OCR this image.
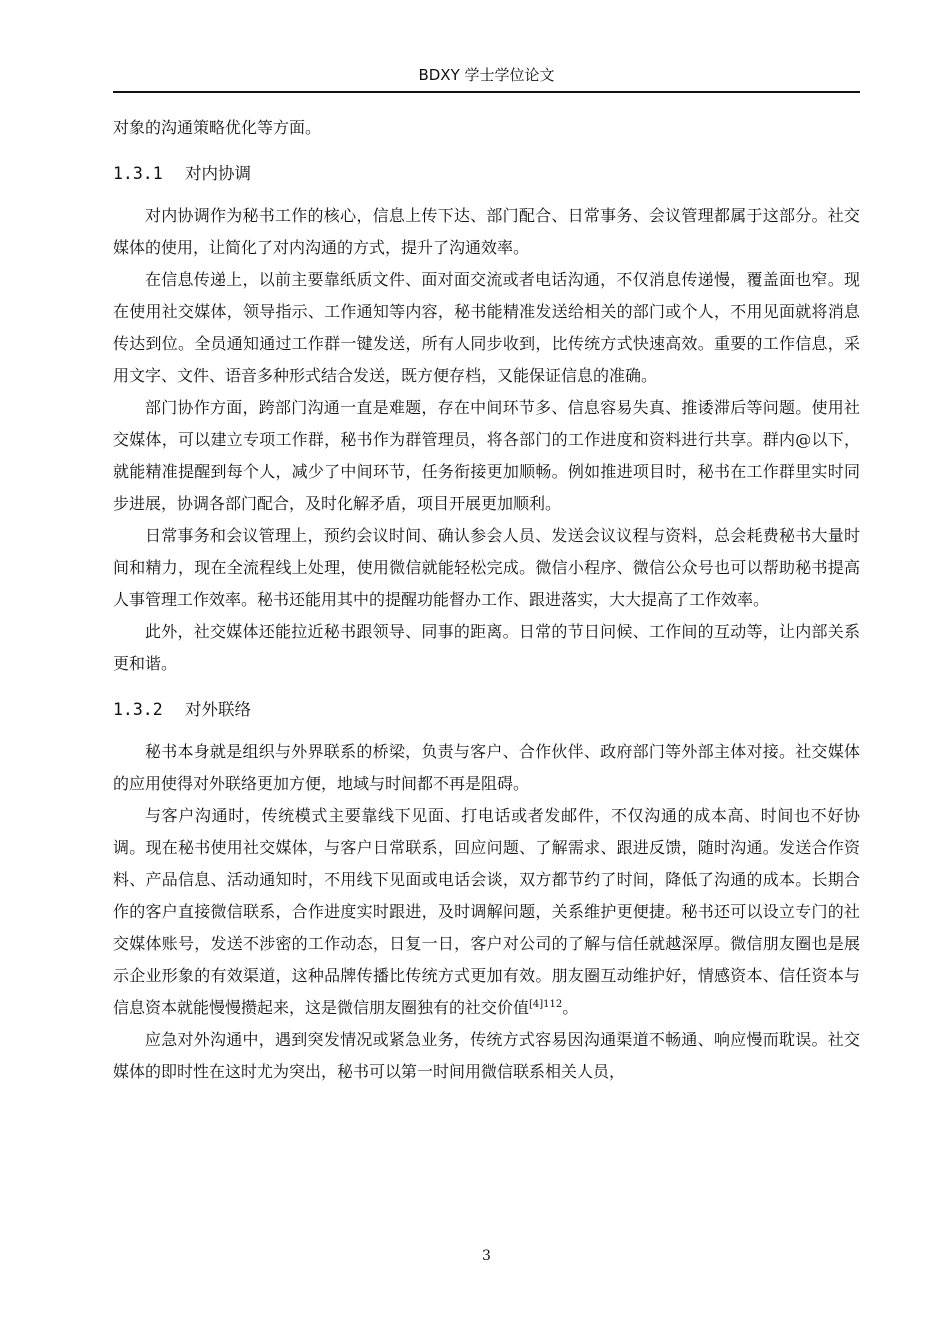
BDXY 学士学位论文

对象的沟通策略优化等方面。

1.3.1 对内协调

对内协调作为秘书工作的核心，信息上传下达、部门配合、日常事务、会议管理都属于这部分。社交媒体的使用，让简化了对内沟通的方式，提升了沟通效率。

在信息传递上，以前主要靠纸质文件、面对面交流或者电话沟通，不仅消息传递慢，覆盖面也窄。现在使用社交媒体，领导指示、工作通知等内容，秘书能精准发送给相关的部门或个人，不用见面就将消息传达到位。全员通知通过工作群一键发送，所有人同步收到，比传统方式快速高效。重要的工作信息，采用文字、文件、语音多种形式结合发送，既方便存档，又能保证信息的准确。

部门协作方面，跨部门沟通一直是难题，存在中间环节多、信息容易失真、推诿滞后等问题。使用社交媒体，可以建立专项工作群，秘书作为群管理员，将各部门的工作进度和资料进行共享。群内@以下，就能精准提醒到每个人，减少了中间环节，任务衔接更加顺畅。例如推进项目时，秘书在工作群里实时同步进展，协调各部门配合，及时化解矛盾，项目开展更加顺利。

日常事务和会议管理上，预约会议时间、确认参会人员、发送会议议程与资料，总会耗费秘书大量时间和精力，现在全流程线上处理，使用微信就能轻松完成。微信小程序、微信公众号也可以帮助秘书提高人事管理工作效率。秘书还能用其中的提醒功能督办工作、跟进落实，大大提高了工作效率。

此外，社交媒体还能拉近秘书跟领导、同事的距离。日常的节日问候、工作间的互动等，让内部关系更和谐。

1.3.2 对外联络

秘书本身就是组织与外界联系的桥梁，负责与客户、合作伙伴、政府部门等外部主体对接。社交媒体的应用使得对外联络更加方便，地域与时间都不再是阻碍。

与客户沟通时，传统模式主要靠线下见面、打电话或者发邮件，不仅沟通的成本高、时间也不好协调。现在秘书使用社交媒体，与客户日常联系，回应问题、了解需求、跟进反馈，随时沟通。发送合作资料、产品信息、活动通知时，不用线下见面或电话会谈，双方都节约了时间，降低了沟通的成本。长期合作的客户直接微信联系，合作进度实时跟进，及时调解问题，关系维护更便捷。秘书还可以设立专门的社交媒体账号，发送不涉密的工作动态，日复一日，客户对公司的了解与信任就越深厚。微信朋友圈也是展示企业形象的有效渠道，这种品牌传播比传统方式更加有效。朋友圈互动维护好，情感资本、信任资本与信息资本就能慢慢攒起来，这是微信朋友圈独有的社交价值$^{[4]112}$。

应急对外沟通中，遇到突发情况或紧急业务，传统方式容易因沟通渠道不畅通、响应慢而耽误。社交媒体的即时性在这时尤为突出，秘书可以第一时间用微信联系相关人员，

3
